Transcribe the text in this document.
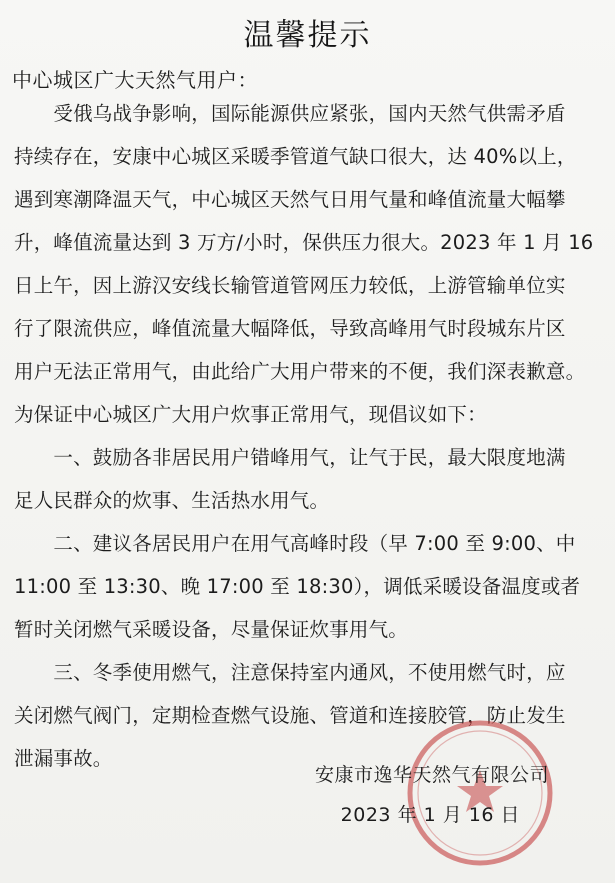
温馨提示
中心城区广大天然气用户：
　　受俄乌战争影响，国际能源供应紧张，国内天然气供需矛盾
持续存在，安康中心城区采暖季管道气缺口很大，达 40%以上，
遇到寒潮降温天气，中心城区天然气日用气量和峰值流量大幅攀
升，峰值流量达到 3 万方/小时，保供压力很大。2023 年 1 月 16
日上午，因上游汉安线长输管道管网压力较低，上游管输单位实
行了限流供应，峰值流量大幅降低，导致高峰用气时段城东片区
用户无法正常用气，由此给广大用户带来的不便，我们深表歉意。
为保证中心城区广大用户炊事正常用气，现倡议如下：
　　一、鼓励各非居民用户错峰用气，让气于民，最大限度地满
足人民群众的炊事、生活热水用气。
　　二、建议各居民用户在用气高峰时段（早 7:00 至 9:00、中
11:00 至 13:30、晚 17:00 至 18:30），调低采暖设备温度或者
暂时关闭燃气采暖设备，尽量保证炊事用气。
　　三、冬季使用燃气，注意保持室内通风，不使用燃气时，应
关闭燃气阀门，定期检查燃气设施、管道和连接胶管，防止发生
泄漏事故。
安康市逸华天然气有限公司
2023 年 1 月 16 日
